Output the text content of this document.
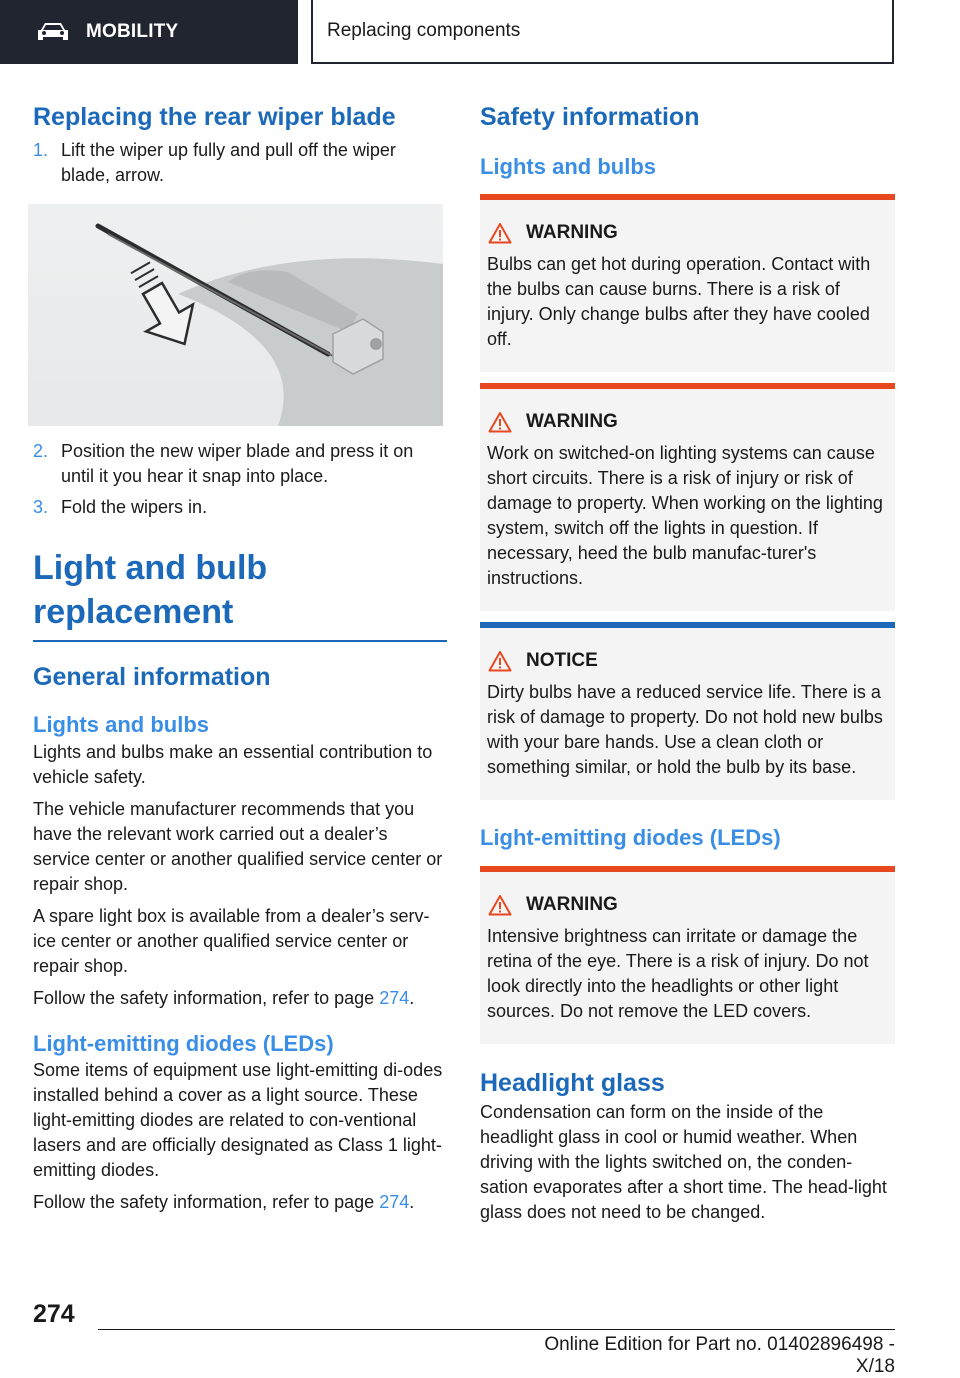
MOBILITY	Replacing components
Replacing the rear wiper blade
1. Lift the wiper up fully and pull off the wiper blade, arrow.
2. Position the new wiper blade and press it on until it you hear it snap into place.
3. Fold the wipers in.
Light and bulb replacement
General information
Lights and bulbs

Lights and bulbs make an essential contribution to vehicle safety.

The vehicle manufacturer recommends that you have the relevant work carried out a dealer’s service center or another qualified service center or repair shop.

A spare light box is available from a dealer’s serv‐ice center or another qualified service center or repair shop.

Follow the safety information, refer to page 274.

Light-emitting diodes (LEDs)

Some items of equipment use light-emitting di‐odes installed behind a cover as a light source. These light-emitting diodes are related to con‐ventional lasers and are officially designated as Class 1 light-emitting diodes.

Follow the safety information, refer to page 274.

Safety information
Lights and bulbs
WARNING

Bulbs can get hot during operation. Contact with the bulbs can cause burns. There is a risk of injury. Only change bulbs after they have cooled off.

WARNING

Work on switched-on lighting systems can cause short circuits. There is a risk of injury or risk of damage to property. When working on the lighting system, switch off the lights in question. If necessary, heed the bulb manufac‐turer's instructions.

NOTICE

Dirty bulbs have a reduced service life. There is a risk of damage to property. Do not hold new bulbs with your bare hands. Use a clean cloth or something similar, or hold the bulb by its base.

Light-emitting diodes (LEDs)
WARNING

Intensive brightness can irritate or damage the retina of the eye. There is a risk of injury. Do not look directly into the headlights or other light sources. Do not remove the LED covers.

Headlight glass

Condensation can form on the inside of the headlight glass in cool or humid weather. When driving with the lights switched on, the conden‐sation evaporates after a short time. The head‐light glass does not need to be changed.

274
Online Edition for Part no. 01402896498 - X/18
